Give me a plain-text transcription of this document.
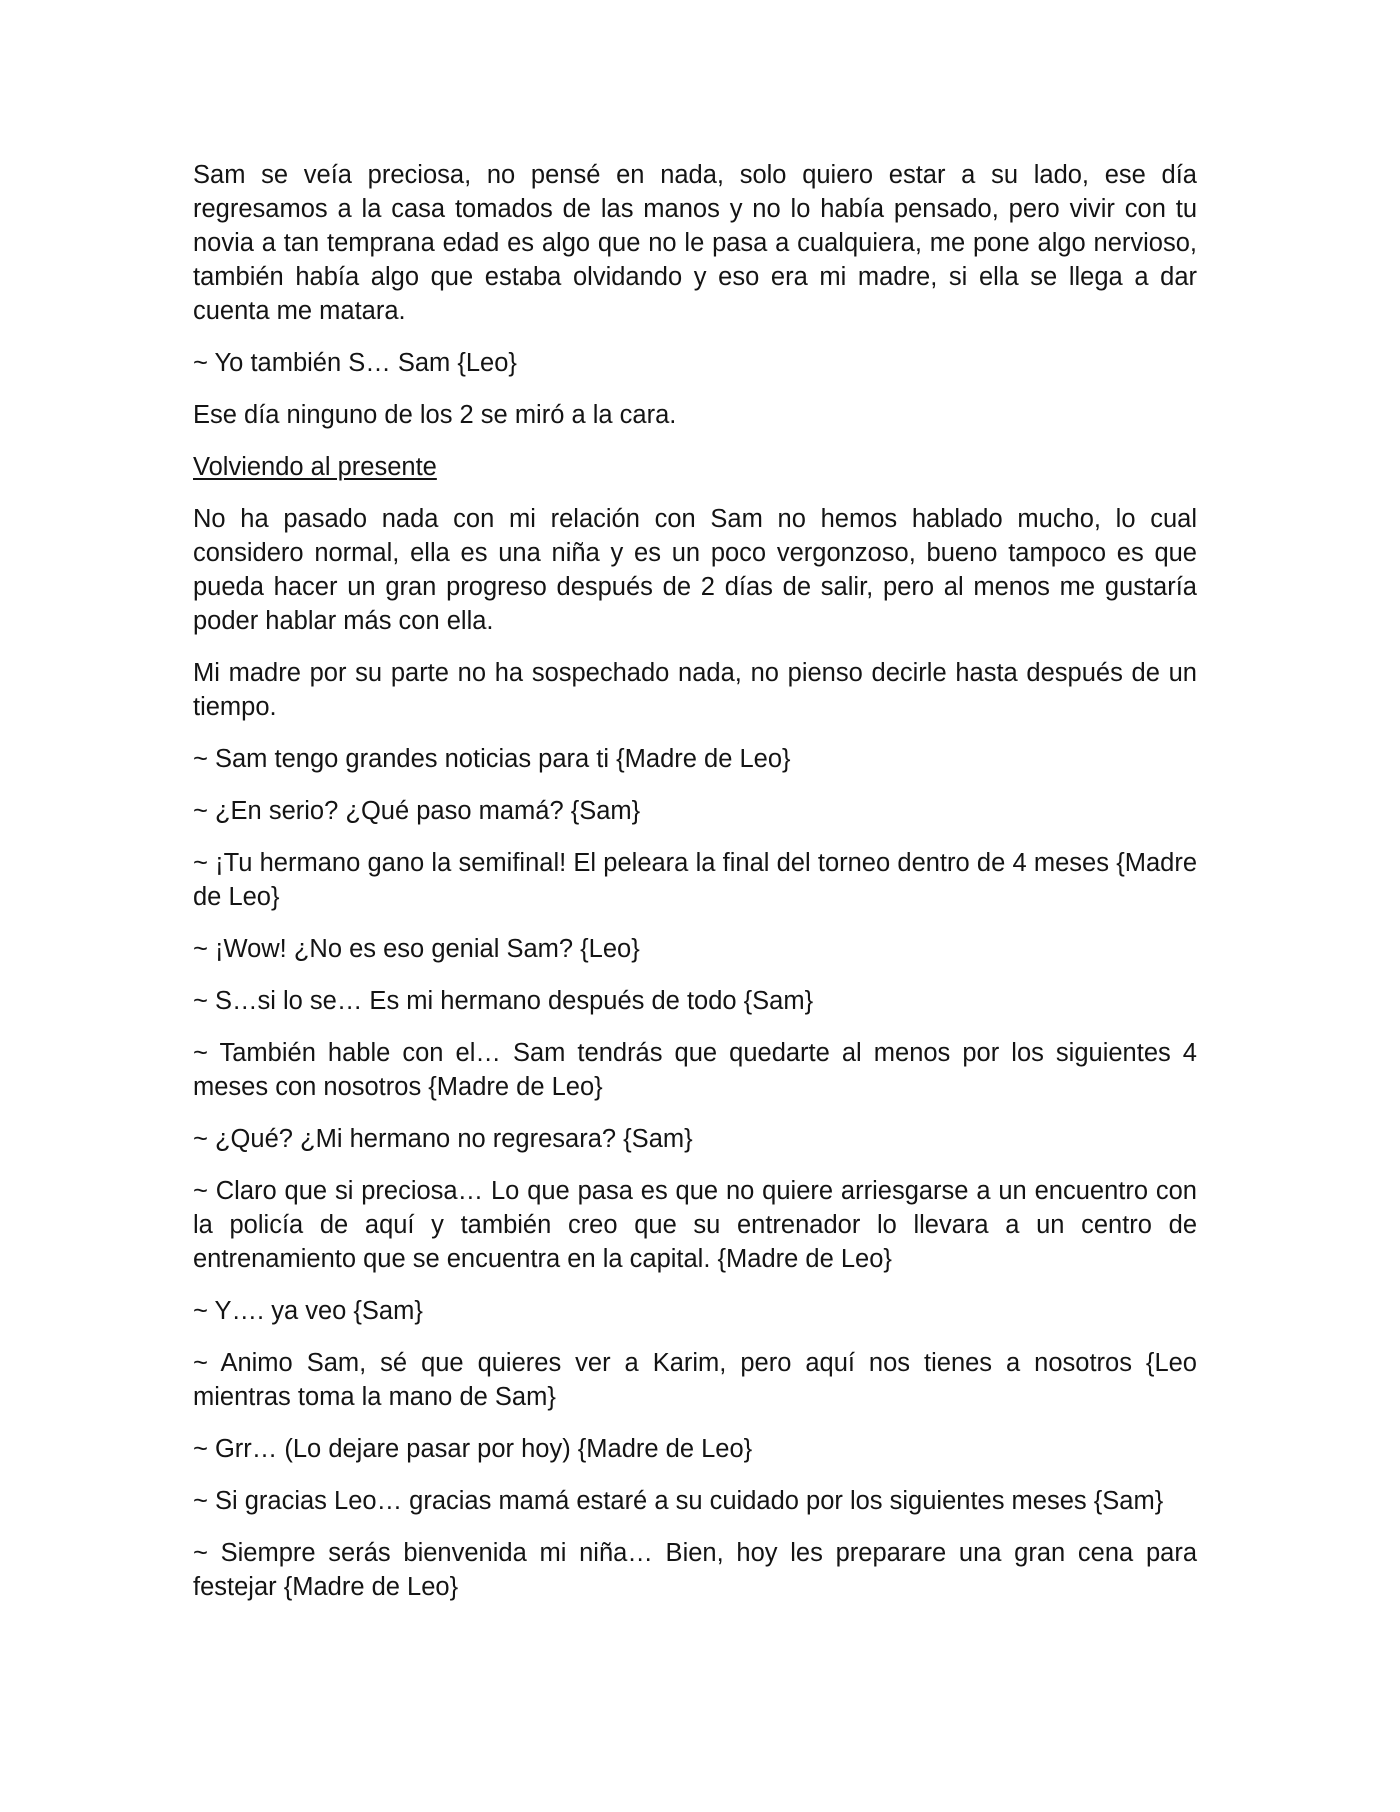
Sam se veía preciosa, no pensé en nada, solo quiero estar a su lado, ese día regresamos a la casa tomados de las manos y no lo había pensado, pero vivir con tu novia a tan temprana edad es algo que no le pasa a cualquiera, me pone algo nervioso, también había algo que estaba olvidando y eso era mi madre, si ella se llega a dar cuenta me matara.

~ Yo también S… Sam {Leo}

Ese día ninguno de los 2 se miró a la cara.

Volviendo al presente

No ha pasado nada con mi relación con Sam no hemos hablado mucho, lo cual considero normal, ella es una niña y es un poco vergonzoso, bueno tampoco es que pueda hacer un gran progreso después de 2 días de salir, pero al menos me gustaría poder hablar más con ella.

Mi madre por su parte no ha sospechado nada, no pienso decirle hasta después de un tiempo.

~ Sam tengo grandes noticias para ti {Madre de Leo}

~ ¿En serio? ¿Qué paso mamá? {Sam}

~ ¡Tu hermano gano la semifinal! El peleara la final del torneo dentro de 4 meses {Madre de Leo}

~ ¡Wow! ¿No es eso genial Sam? {Leo}

~ S…si lo se… Es mi hermano después de todo {Sam}

~ También hable con el… Sam tendrás que quedarte al menos por los siguientes 4 meses con nosotros {Madre de Leo}

~ ¿Qué? ¿Mi hermano no regresara? {Sam}

~ Claro que si preciosa… Lo que pasa es que no quiere arriesgarse a un encuentro con la policía de aquí y también creo que su entrenador lo llevara a un centro de entrenamiento que se encuentra en la capital. {Madre de Leo}

~ Y…. ya veo {Sam}

~ Animo Sam, sé que quieres ver a Karim, pero aquí nos tienes a nosotros {Leo mientras toma la mano de Sam}

~ Grr… (Lo dejare pasar por hoy) {Madre de Leo}

~ Si gracias Leo… gracias mamá estaré a su cuidado por los siguientes meses {Sam}

~ Siempre serás bienvenida mi niña… Bien, hoy les preparare una gran cena para festejar {Madre de Leo}
